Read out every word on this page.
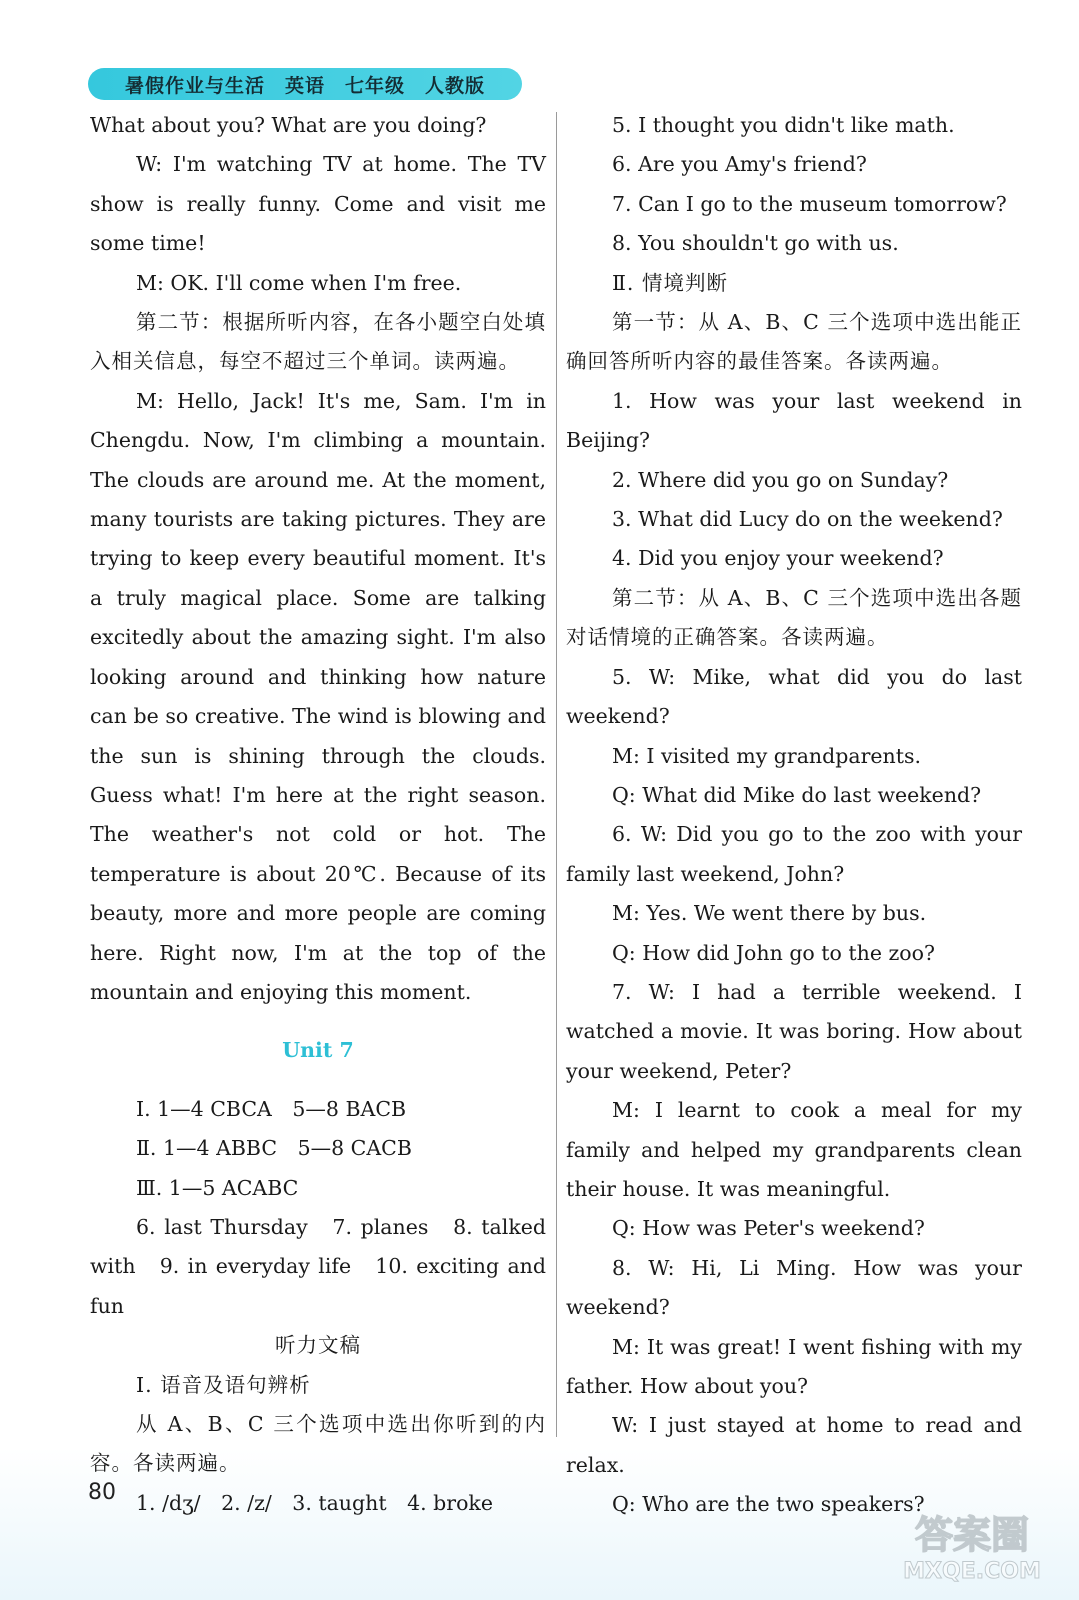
暑假作业与生活　英语　七年级　人教版

What about you? What are you doing?

W: I'm watching TV at home. The TV show is really funny. Come and visit me some time!

M: OK. I'll come when I'm free.

第二节：根据所听内容，在各小题空白处填入相关信息，每空不超过三个单词。读两遍。

M: Hello, Jack! It's me, Sam. I'm in Chengdu. Now, I'm climbing a mountain. The clouds are around me. At the moment, many tourists are taking pictures. They are trying to keep every beautiful moment. It's a truly magical place. Some are talking excitedly about the amazing sight. I'm also looking around and thinking how nature can be so creative. The wind is blowing and the sun is shining through the clouds. Guess what! I'm here at the right season. The weather's not cold or hot. The temperature is about 20℃. Because of its beauty, more and more people are coming here. Right now, I'm at the top of the mountain and enjoying this moment.

Unit 7

Ⅰ. 1—4 CBCA　5—8 BACB

Ⅱ. 1—4 ABBC　5—8 CACB

Ⅲ. 1—5 ACABC

6. last Thursday　7. planes　8. talked with　9. in everyday life　10. exciting and fun

听力文稿

Ⅰ. 语音及语句辨析

从 A、B、C 三个选项中选出你听到的内容。各读两遍。

1. /dʒ/　2. /z/　3. taught　4. broke

5. I thought you didn't like math.

6. Are you Amy's friend?

7. Can I go to the museum tomorrow?

8. You shouldn't go with us.

Ⅱ. 情境判断

第一节：从 A、B、C 三个选项中选出能正确回答所听内容的最佳答案。各读两遍。

1. How was your last weekend in Beijing?

2. Where did you go on Sunday?

3. What did Lucy do on the weekend?

4. Did you enjoy your weekend?

第二节：从 A、B、C 三个选项中选出各题对话情境的正确答案。各读两遍。

5. W: Mike, what did you do last weekend?

M: I visited my grandparents.

Q: What did Mike do last weekend?

6. W: Did you go to the zoo with your family last weekend, John?

M: Yes. We went there by bus.

Q: How did John go to the zoo?

7. W: I had a terrible weekend. I watched a movie. It was boring. How about your weekend, Peter?

M: I learnt to cook a meal for my family and helped my grandparents clean their house. It was meaningful.

Q: How was Peter's weekend?

8. W: Hi, Li Ming. How was your weekend?

M: It was great! I went fishing with my father. How about you?

W: I just stayed at home to read and relax.

Q: Who are the two speakers?

80
答案圈
MXQE.COM
